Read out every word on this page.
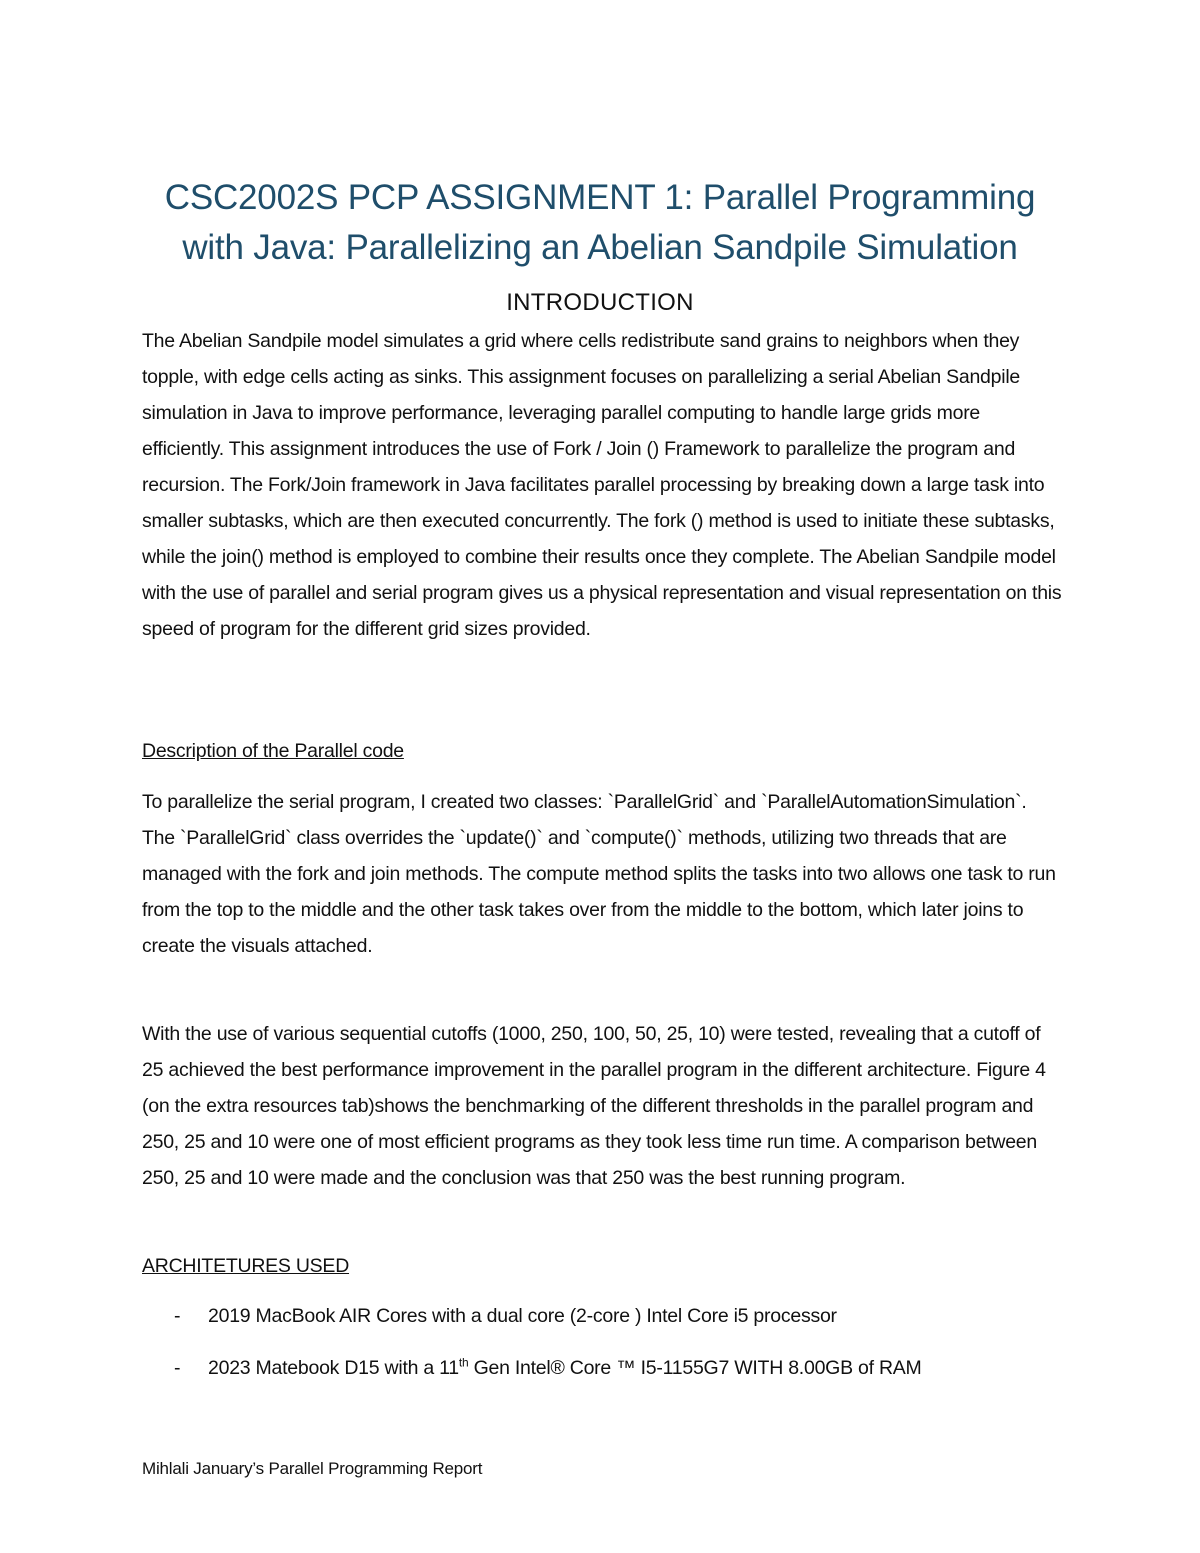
CSC2002S PCP ASSIGNMENT 1: Parallel Programming
with Java: Parallelizing an Abelian Sandpile Simulation
INTRODUCTION
The Abelian Sandpile model simulates a grid where cells redistribute sand grains to neighbors when they topple, with edge cells acting as sinks. This assignment focuses on parallelizing a serial Abelian Sandpile simulation in Java to improve performance, leveraging parallel computing to handle large grids more efficiently. This assignment introduces the use of Fork / Join () Framework to parallelize the program and recursion. The Fork/Join framework in Java facilitates parallel processing by breaking down a large task into smaller subtasks, which are then executed concurrently. The fork () method is used to initiate these subtasks, while the join() method is employed to combine their results once they complete. The Abelian Sandpile model with the use of parallel and serial program gives us a physical representation and visual representation on this speed of program for the different grid sizes provided.
Description of the Parallel code
To parallelize the serial program, I created two classes: `ParallelGrid` and `ParallelAutomationSimulation`. The `ParallelGrid` class overrides the `update()` and `compute()` methods, utilizing two threads that are managed with the fork and join methods. The compute method splits the tasks into two allows one task to run from the top to the middle and the other task takes over from the middle to the bottom, which later joins to create the visuals attached.
With the use of various sequential cutoffs (1000, 250, 100, 50, 25, 10) were tested, revealing that a cutoff of 25 achieved the best performance improvement in the parallel program in the different architecture. Figure 4 (on the extra resources tab)shows the benchmarking of the different thresholds in the parallel program and 250, 25 and 10 were one of most efficient programs as they took less time run time. A comparison between 250, 25 and 10 were made and the conclusion was that 250 was the best running program.
ARCHITETURES USED
- 2019 MacBook AIR Cores with a dual core (2-core ) Intel Core i5 processor
- 2023 Matebook D15 with a 11th Gen Intel® Core ™ I5-1155G7 WITH 8.00GB of RAM
Mihlali January’s Parallel Programming Report
